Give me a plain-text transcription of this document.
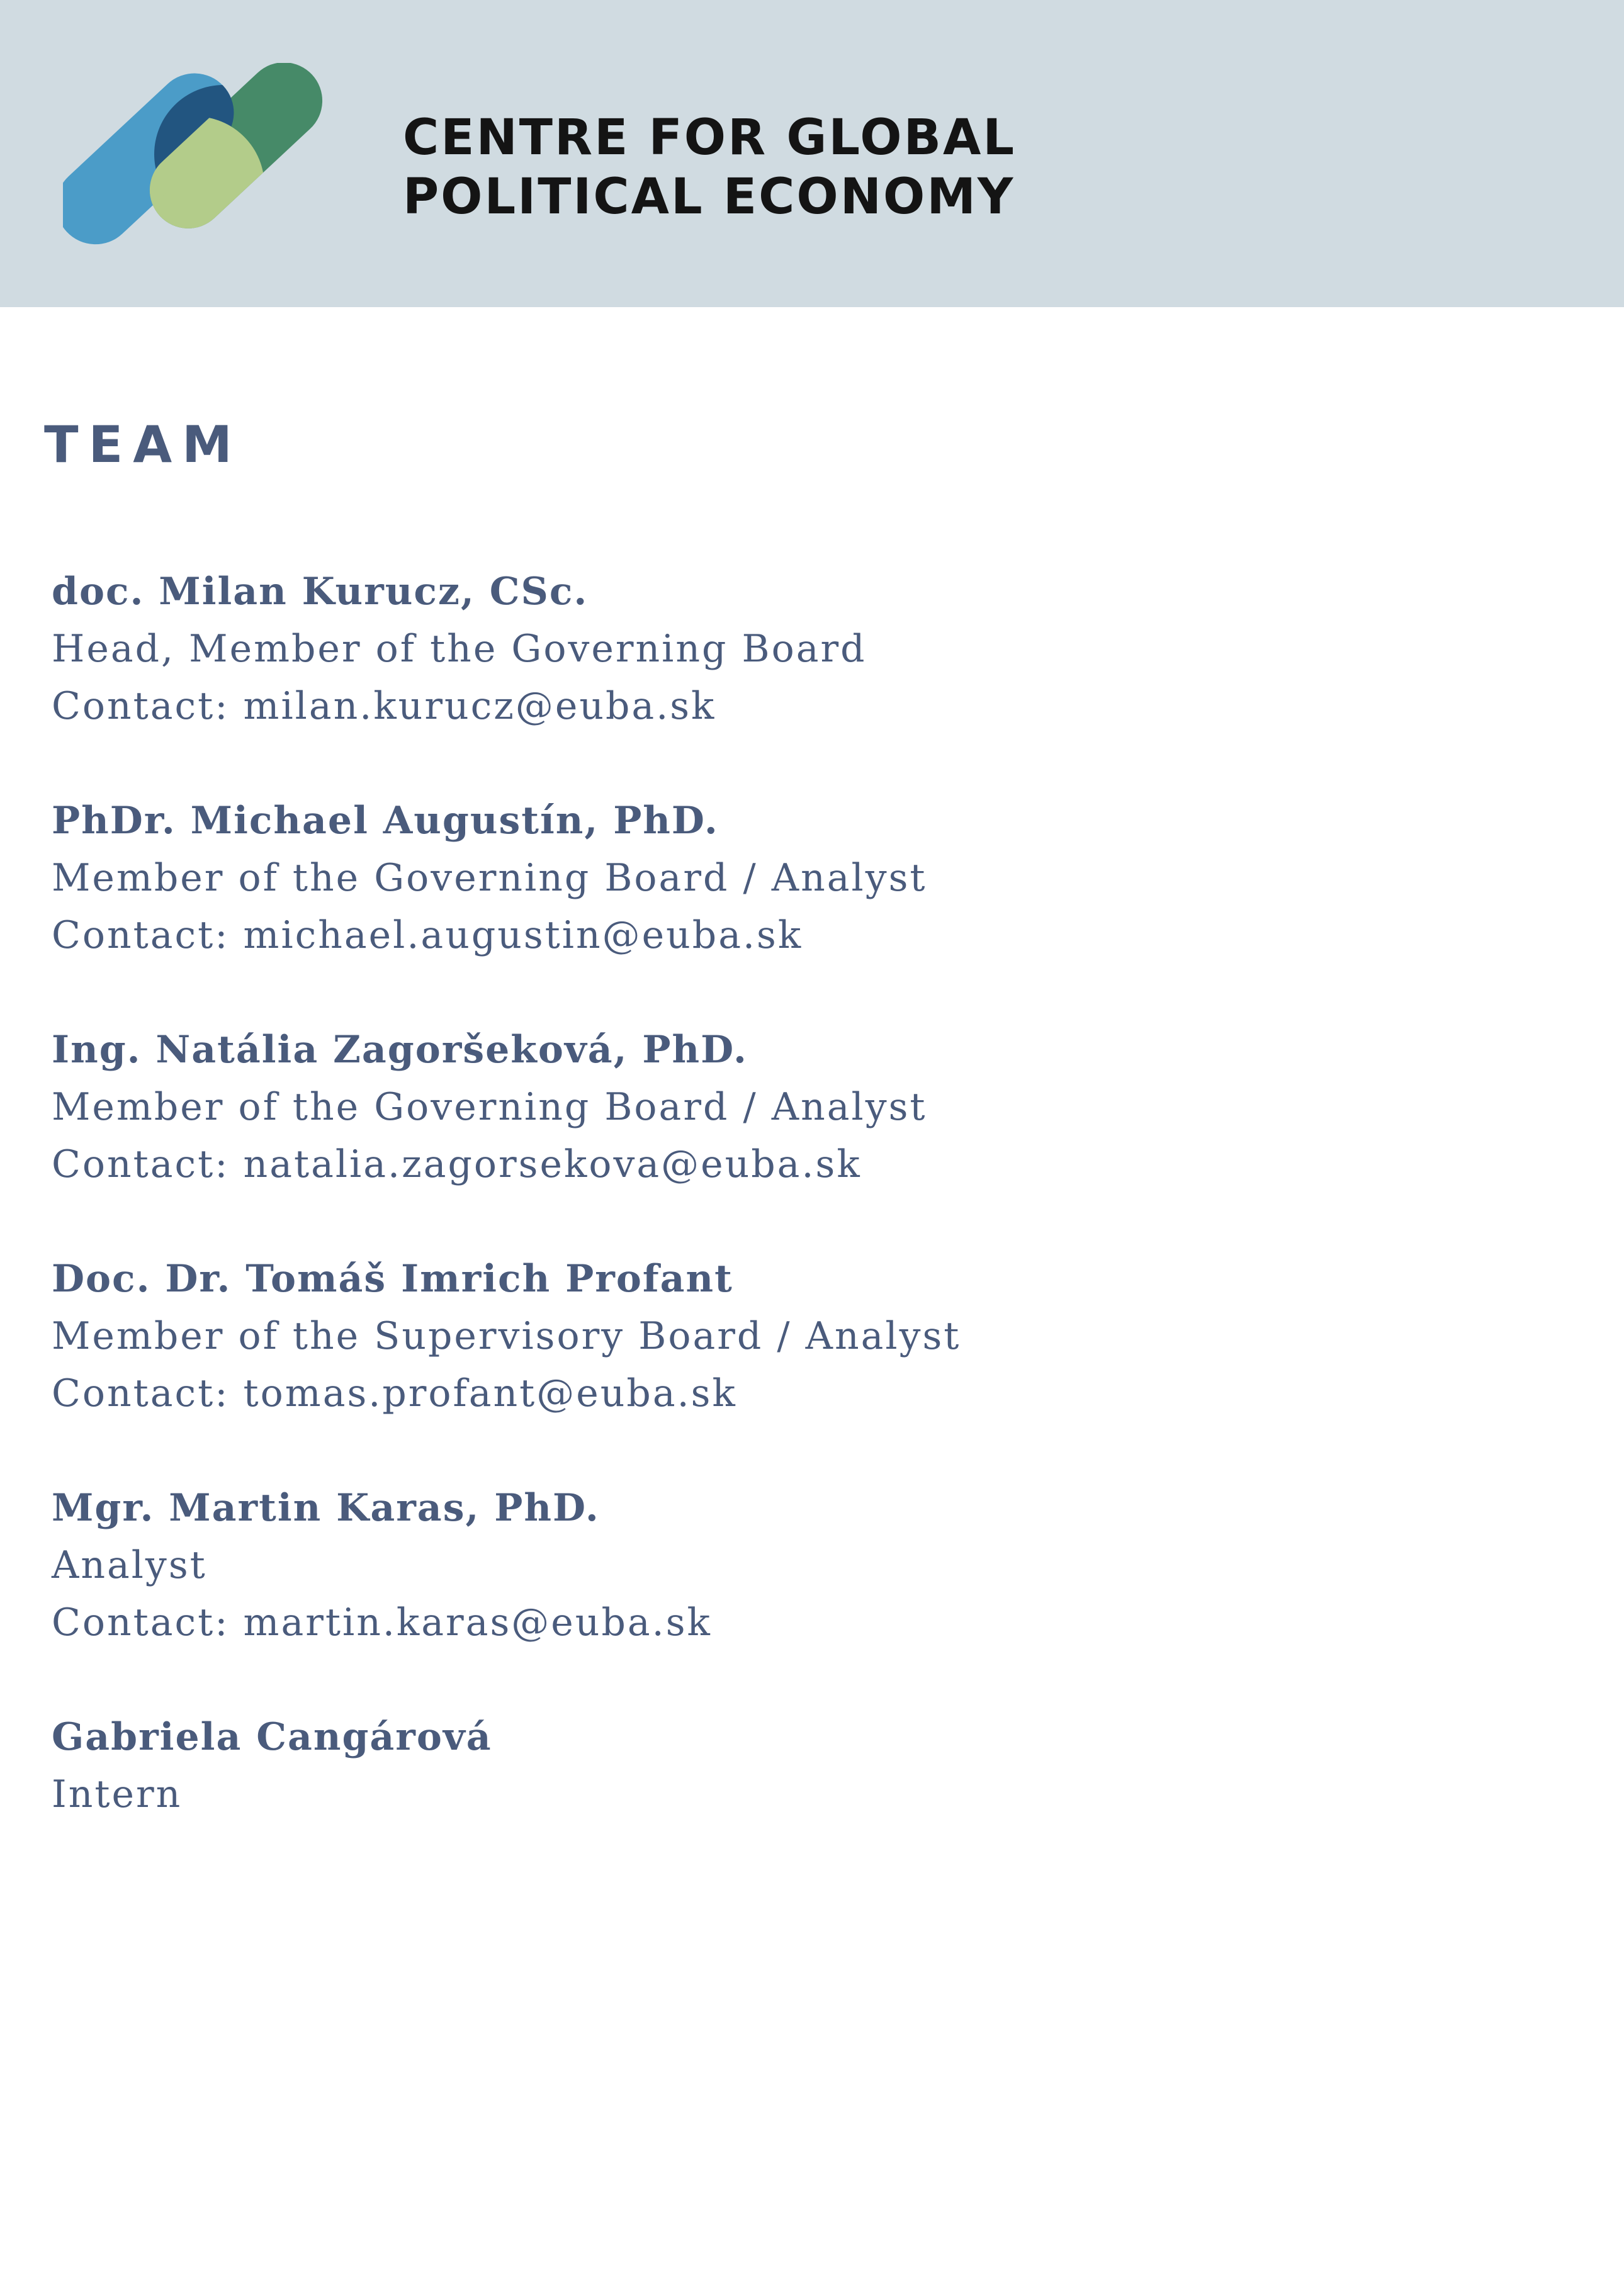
CENTRE FOR GLOBAL
POLITICAL ECONOMY
TEAM
doc. Milan Kurucz, CSc.
Head, Member of the Governing Board
Contact: milan.kurucz@euba.sk
PhDr. Michael Augustín, PhD.
Member of the Governing Board / Analyst
Contact: michael.augustin@euba.sk
Ing. Natália Zagoršeková, PhD.
Member of the Governing Board / Analyst
Contact: natalia.zagorsekova@euba.sk
Doc. Dr. Tomáš Imrich Profant
Member of the Supervisory Board / Analyst
Contact: tomas.profant@euba.sk
Mgr. Martin Karas, PhD.
Analyst
Contact: martin.karas@euba.sk
Gabriela Cangárová
Intern
